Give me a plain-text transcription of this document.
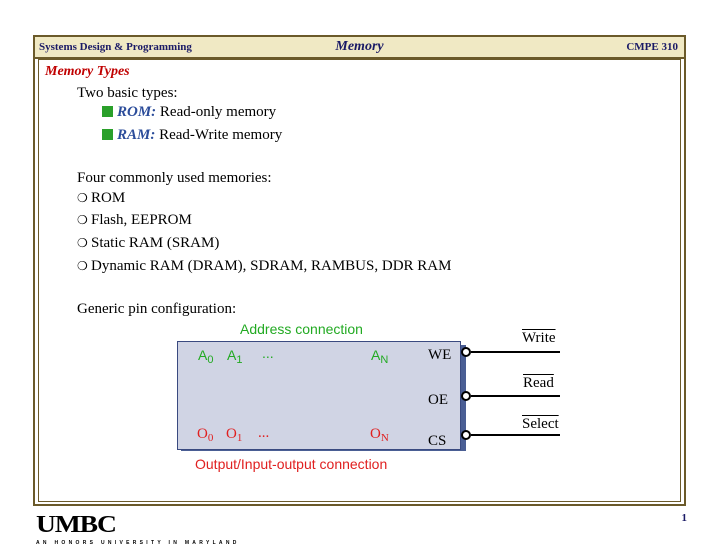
Systems Design & Programming	Memory	CMPE 310
Memory Types
Two basic types:
ROM: Read-only memory
RAM: Read-Write memory
Four commonly used memories:
❍ ROM
❍ Flash, EEPROM
❍ Static RAM (SRAM)
❍ Dynamic RAM (DRAM), SDRAM, RAMBUS, DDR RAM
Generic pin configuration:
Address connection
$A_0$ $A_1$ ...	$A_N$	WE
OE
CS
$O_0$ $O_1$ ...	$O_N$
Output/Input-output connection
Write
Read
Select
UMBC
AN HONORS UNIVERSITY IN MARYLAND
1
